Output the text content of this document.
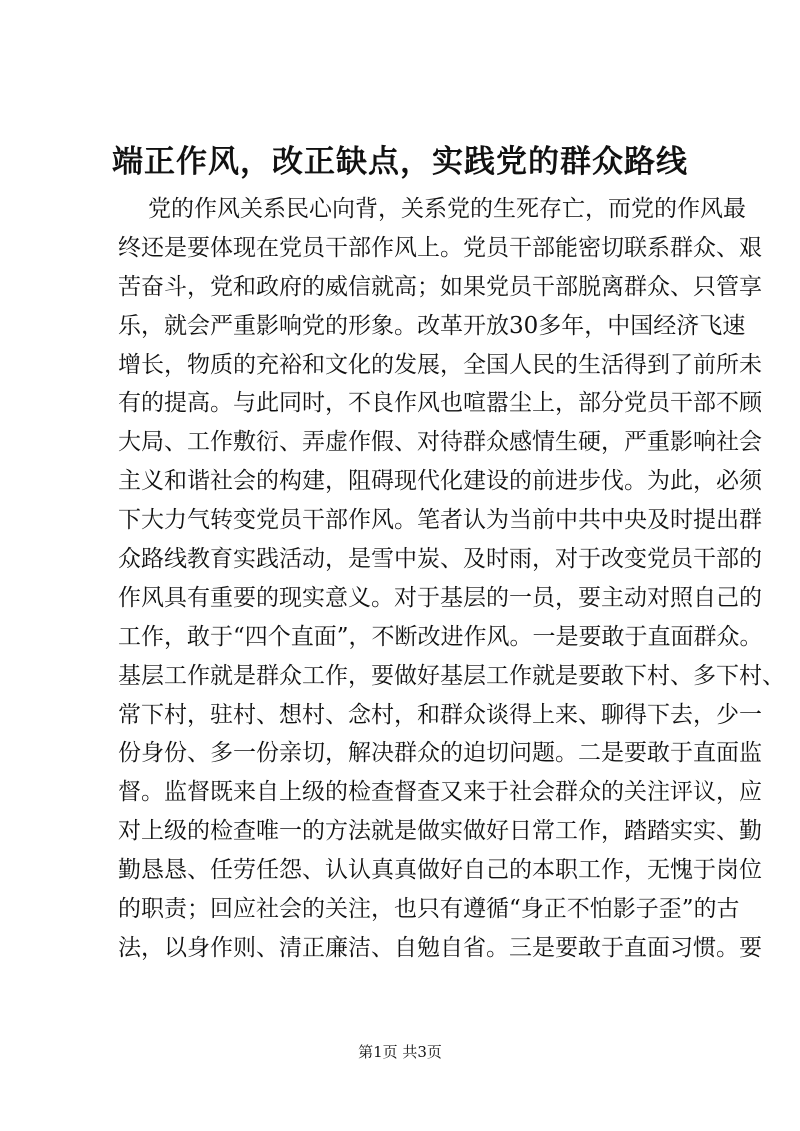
端正作风，改正缺点，实践党的群众路线
党的作风关系民心向背，关系党的生死存亡，而党的作风最
终还是要体现在党员干部作风上。党员干部能密切联系群众、艰
苦奋斗，党和政府的威信就高；如果党员干部脱离群众、只管享
乐，就会严重影响党的形象。改革开放30多年，中国经济飞速
增长，物质的充裕和文化的发展，全国人民的生活得到了前所未
有的提高。与此同时，不良作风也喧嚣尘上，部分党员干部不顾
大局、工作敷衍、弄虚作假、对待群众感情生硬，严重影响社会
主义和谐社会的构建，阻碍现代化建设的前进步伐。为此，必须
下大力气转变党员干部作风。笔者认为当前中共中央及时提出群
众路线教育实践活动，是雪中炭、及时雨，对于改变党员干部的
作风具有重要的现实意义。对于基层的一员，要主动对照自己的
工作，敢于“四个直面”，不断改进作风。一是要敢于直面群众。
基层工作就是群众工作，要做好基层工作就是要敢下村、多下村、
常下村，驻村、想村、念村，和群众谈得上来、聊得下去，少一
份身份、多一份亲切，解决群众的迫切问题。二是要敢于直面监
督。监督既来自上级的检查督查又来于社会群众的关注评议，应
对上级的检查唯一的方法就是做实做好日常工作，踏踏实实、勤
勤恳恳、任劳任怨、认认真真做好自己的本职工作，无愧于岗位
的职责；回应社会的关注，也只有遵循“身正不怕影子歪”的古
法，以身作则、清正廉洁、自勉自省。三是要敢于直面习惯。要
第1页 共3页
